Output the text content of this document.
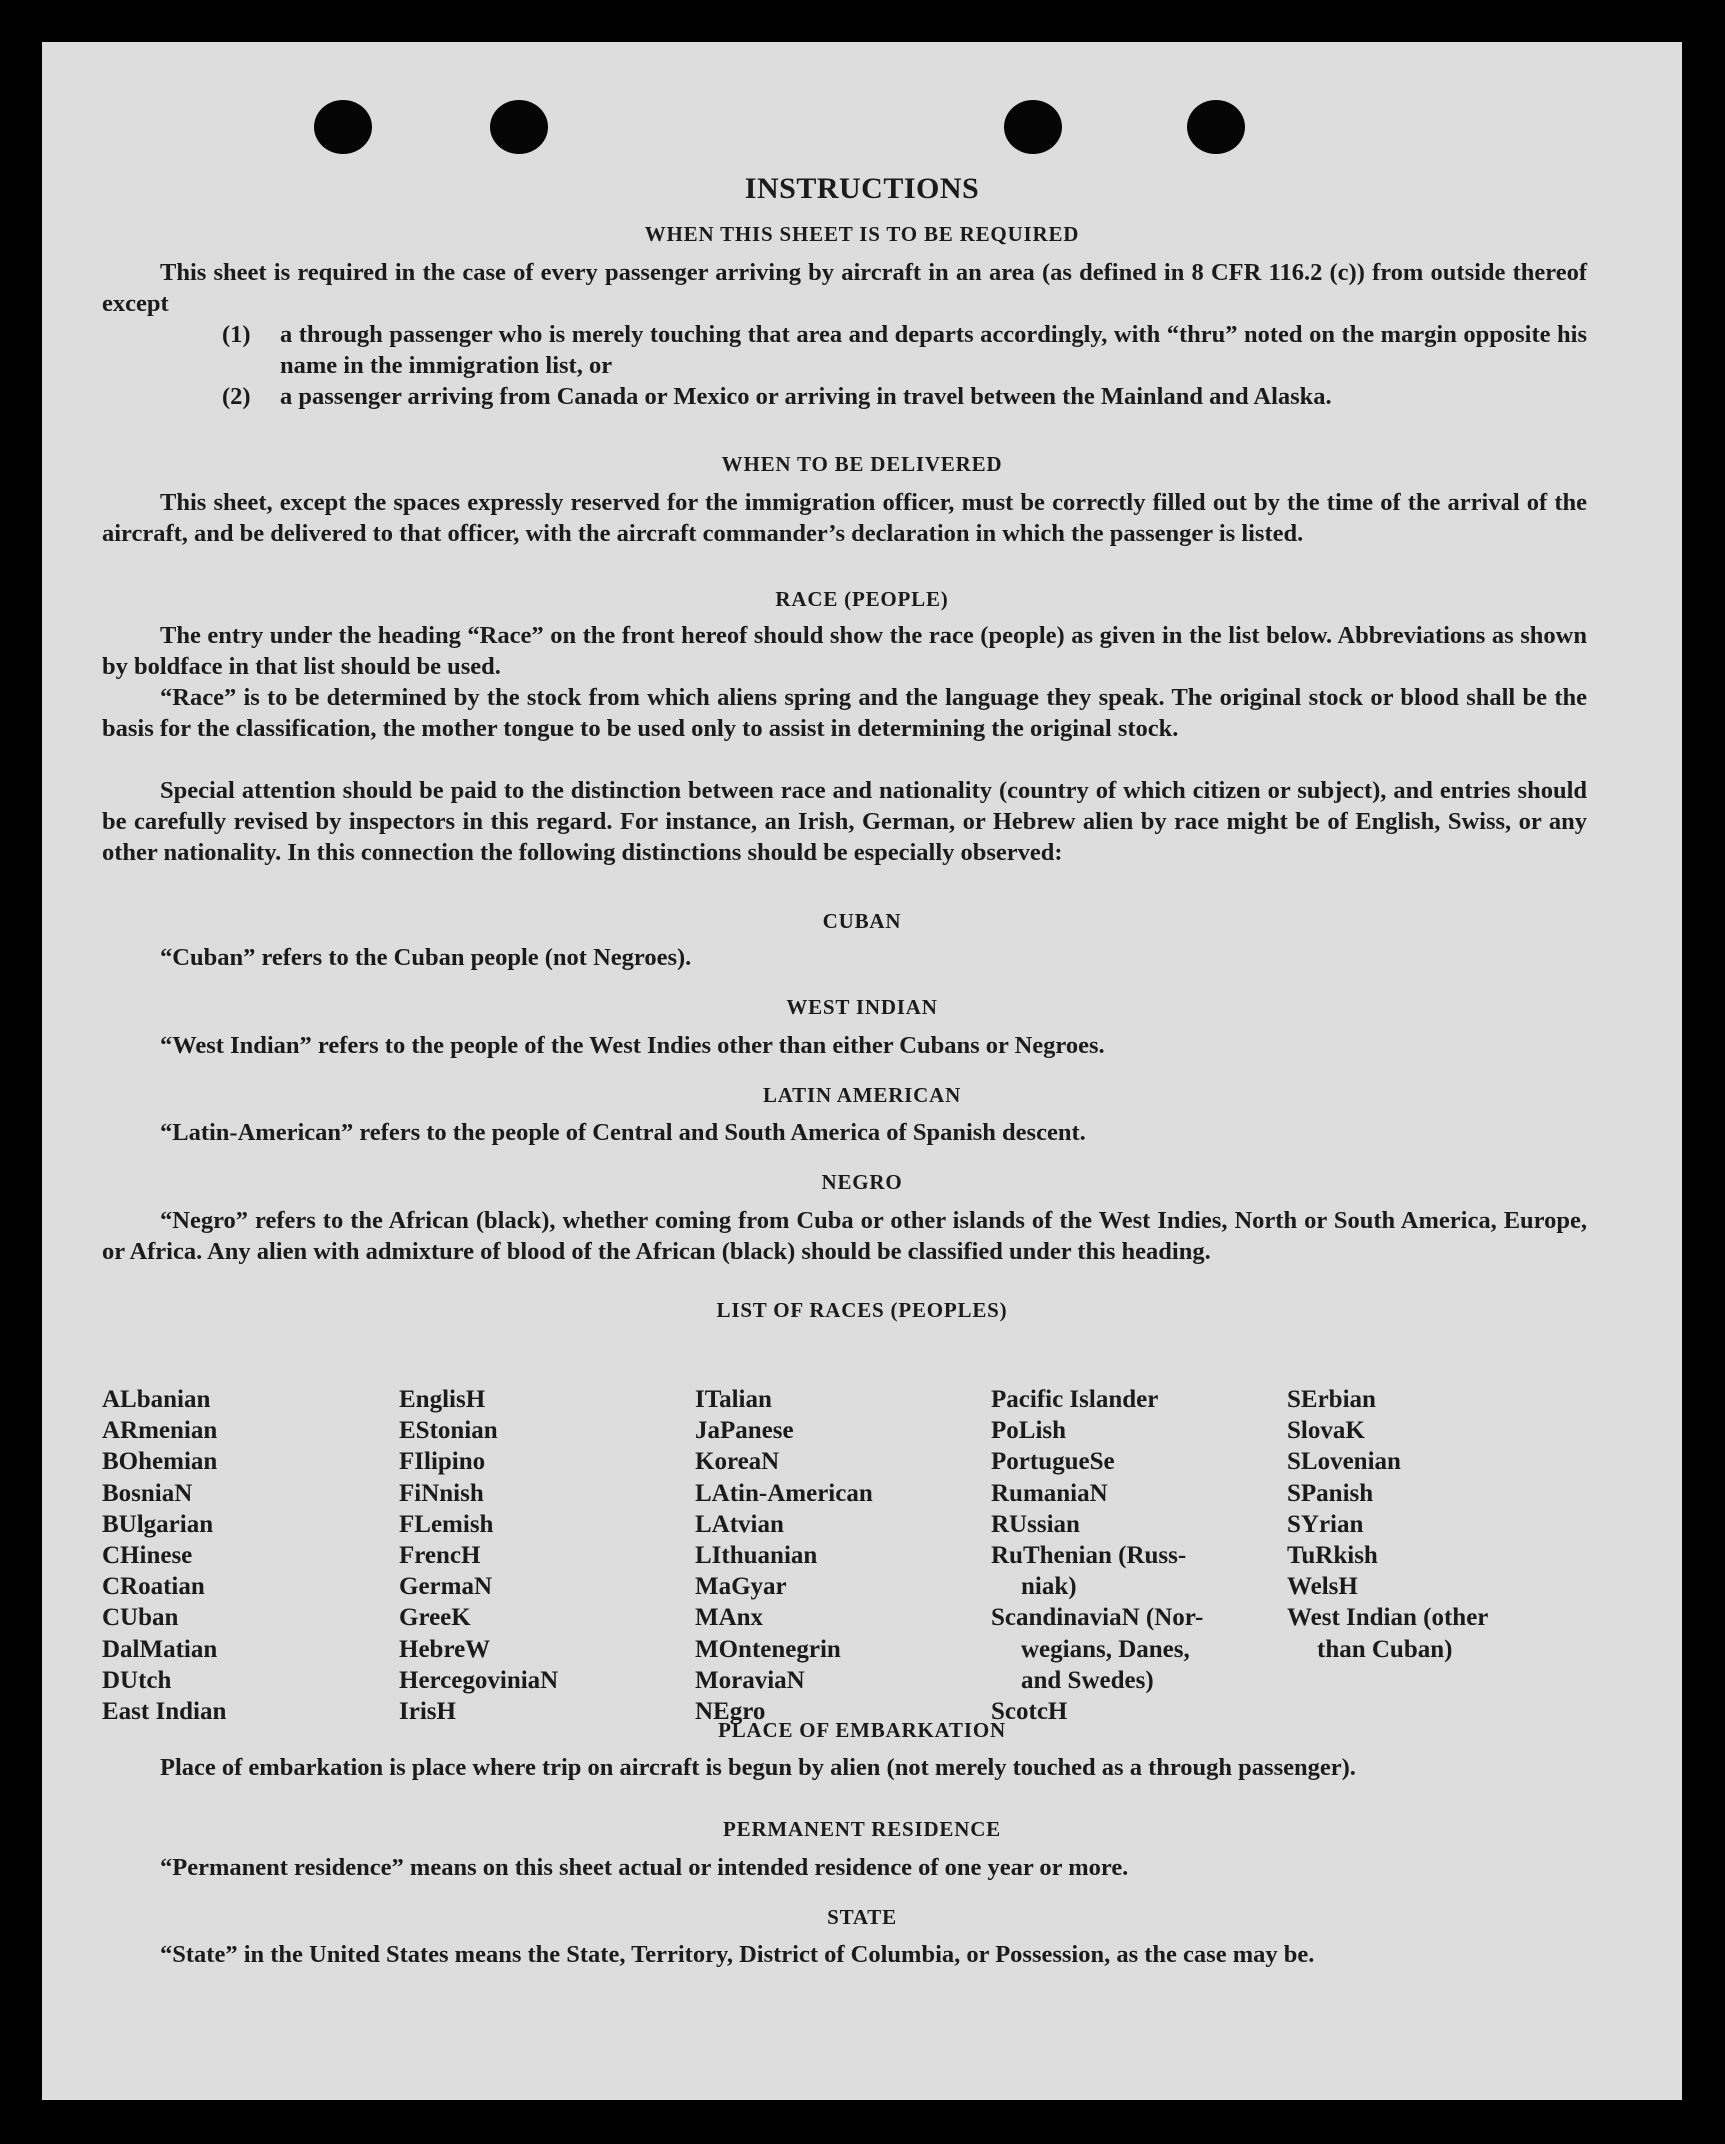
INSTRUCTIONS
WHEN THIS SHEET IS TO BE REQUIRED
This sheet is required in the case of every passenger arriving by aircraft in an area (as defined in 8 CFR 116.2 (c)) from outside thereof except
(1) a through passenger who is merely touching that area and departs accordingly, with “thru” noted on the margin opposite his name in the immigration list, or
(2) a passenger arriving from Canada or Mexico or arriving in travel between the Mainland and Alaska.
WHEN TO BE DELIVERED
This sheet, except the spaces expressly reserved for the immigration officer, must be correctly filled out by the time of the arrival of the aircraft, and be delivered to that officer, with the aircraft commander’s declaration in which the passenger is listed.
RACE (PEOPLE)
The entry under the heading “Race” on the front hereof should show the race (people) as given in the list below. Abbreviations as shown by boldface in that list should be used.
“Race” is to be determined by the stock from which aliens spring and the language they speak. The original stock or blood shall be the basis for the classification, the mother tongue to be used only to assist in determining the original stock.
Special attention should be paid to the distinction between race and nationality (country of which citizen or subject), and entries should be carefully revised by inspectors in this regard. For instance, an Irish, German, or Hebrew alien by race might be of English, Swiss, or any other nationality. In this connection the following distinctions should be especially observed:
CUBAN
“Cuban” refers to the Cuban people (not Negroes).
WEST INDIAN
“West Indian” refers to the people of the West Indies other than either Cubans or Negroes.
LATIN AMERICAN
“Latin-American” refers to the people of Central and South America of Spanish descent.
NEGRO
“Negro” refers to the African (black), whether coming from Cuba or other islands of the West Indies, North or South America, Europe, or Africa. Any alien with admixture of blood of the African (black) should be classified under this heading.
LIST OF RACES (PEOPLES)
ALbanian
ARmenian
BOhemian
BosniaN
BUlgarian
CHinese
CRoatian
CUban
DalMatian
DUtch
East Indian
EnglisH
EStonian
FIlipino
FiNnish
FLemish
FrencH
GermaN
GreeK
HebreW
HercegoviniaN
IrisH
ITalian
JaPanese
KoreaN
LAtin-American
LAtvian
LIthuanian
MaGyar
MAnx
MOntenegrin
MoraviaN
NEgro
Pacific Islander
PoLish
PortugueSe
RumaniaN
RUssian
RuThenian (Russ-
niak)
ScandinaviaN (Nor-
wegians, Danes,
and Swedes)
ScotcH
SErbian
SlovaK
SLovenian
SPanish
SYrian
TuRkish
WelsH
West Indian (other
than Cuban)
PLACE OF EMBARKATION
Place of embarkation is place where trip on aircraft is begun by alien (not merely touched as a through passenger).
PERMANENT RESIDENCE
“Permanent residence” means on this sheet actual or intended residence of one year or more.
STATE
“State” in the United States means the State, Territory, District of Columbia, or Possession, as the case may be.
